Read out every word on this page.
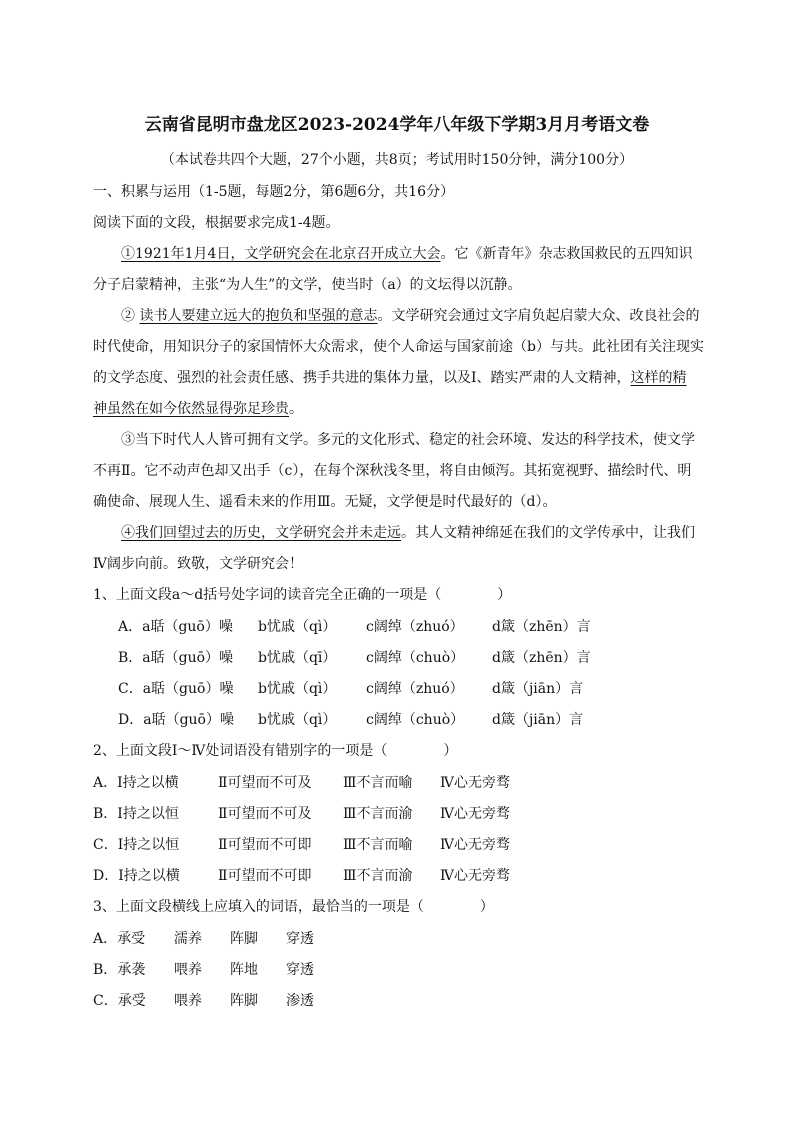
云南省昆明市盘龙区2023-2024学年八年级下学期3月月考语文卷
（本试卷共四个大题，27个小题，共8页；考试用时150分钟，满分100分）
一、积累与运用（1-5题，每题2分，第6题6分，共16分）
阅读下面的文段，根据要求完成1-4题。
①1921年1月4日，文学研究会在北京召开成立大会。它《新青年》杂志救国救民的五四知识
分子启蒙精神，主张“为人生”的文学，使当时（a）的文坛得以沉静。
② 读书人要建立远大的抱负和坚强的意志。文学研究会通过文字肩负起启蒙大众、改良社会的
时代使命，用知识分子的家国情怀大众需求，使个人命运与国家前途（b）与共。此社团有关注现实
的文学态度、强烈的社会责任感、携手共进的集体力量，以及Ⅰ、踏实严肃的人文精神，这样的精
神虽然在如今依然显得弥足珍贵。
③当下时代人人皆可拥有文学。多元的文化形式、稳定的社会环境、发达的科学技术，使文学
不再Ⅱ。它不动声色却又出手（c），在每个深秋浅冬里，将自由倾泻。其拓宽视野、描绘时代、明
确使命、展现人生、遥看未来的作用Ⅲ。无疑，文学便是时代最好的（d）。
④我们回望过去的历史，文学研究会并未走远。其人文精神绵延在我们的文学传承中，让我们
Ⅳ阔步向前。致敬，文学研究会！
1、上面文段a～d括号处字词的读音完全正确的一项是（　　　　）
A．a聒（guō）噪 b忧戚（qì） c阔绰（zhuó） d箴（zhēn）言
B．a聒（guō）噪 b忧戚（qī） c阔绰（chuò） d箴（zhēn）言
C．a聒（guō）噪 b忧戚（qì） c阔绰（zhuó） d箴（jiān）言
D．a聒（guō）噪 b忧戚（qì） c阔绰（chuò） d箴（jiān）言
2、上面文段Ⅰ～Ⅳ处词语没有错别字的一项是（　　　　）
A．Ⅰ持之以横	Ⅱ可望而不可及 Ⅲ不言而喻 Ⅳ心无旁骛
B．Ⅰ持之以恒	Ⅱ可望而不可及 Ⅲ不言而渝 Ⅳ心无旁骛
C．Ⅰ持之以恒	Ⅱ可望而不可即 Ⅲ不言而喻 Ⅳ心无旁骛
D．Ⅰ持之以横	Ⅱ可望而不可即 Ⅲ不言而渝 Ⅳ心无旁骛
3、上面文段横线上应填入的词语，最恰当的一项是（　　　　）
A．承受 濡养 阵脚 穿透
B．承袭 喂养 阵地 穿透
C．承受 喂养 阵脚 渗透
